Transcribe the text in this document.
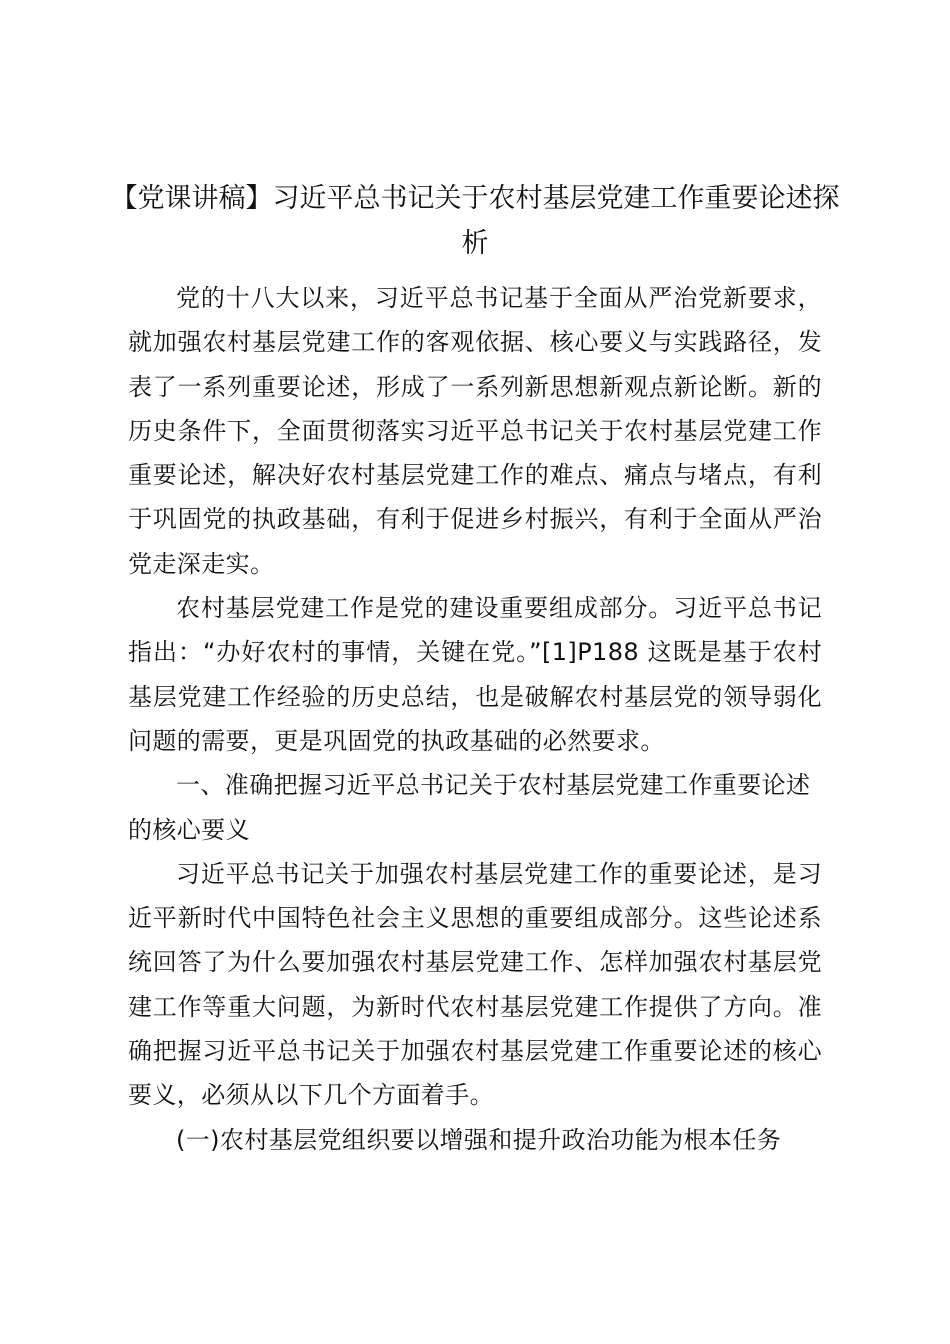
【党课讲稿】习近平总书记关于农村基层党建工作重要论述探析

党的十八大以来，习近平总书记基于全面从严治党新要求，就加强农村基层党建工作的客观依据、核心要义与实践路径，发表了一系列重要论述，形成了一系列新思想新观点新论断。新的历史条件下，全面贯彻落实习近平总书记关于农村基层党建工作重要论述，解决好农村基层党建工作的难点、痛点与堵点，有利于巩固党的执政基础，有利于促进乡村振兴，有利于全面从严治党走深走实。

农村基层党建工作是党的建设重要组成部分。习近平总书记指出：“办好农村的事情，关键在党。”[1]P188 这既是基于农村基层党建工作经验的历史总结，也是破解农村基层党的领导弱化问题的需要，更是巩固党的执政基础的必然要求。

一、准确把握习近平总书记关于农村基层党建工作重要论述的核心要义

习近平总书记关于加强农村基层党建工作的重要论述，是习近平新时代中国特色社会主义思想的重要组成部分。这些论述系统回答了为什么要加强农村基层党建工作、怎样加强农村基层党建工作等重大问题，为新时代农村基层党建工作提供了方向。准确把握习近平总书记关于加强农村基层党建工作重要论述的核心要义，必须从以下几个方面着手。

(一)农村基层党组织要以增强和提升政治功能为根本任务
